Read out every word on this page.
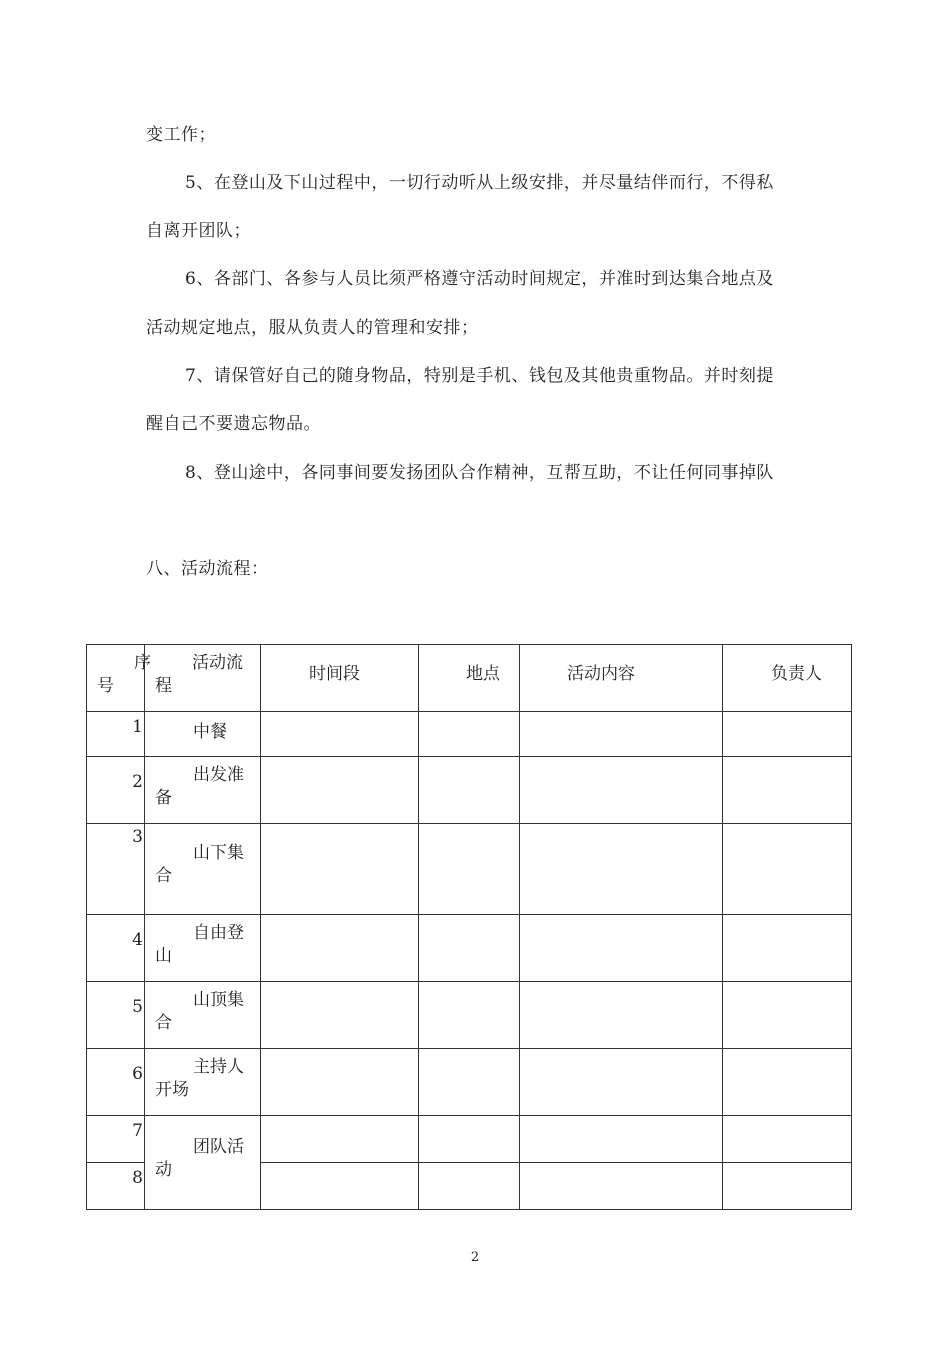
变工作；
5、在登山及下山过程中，一切行动听从上级安排，并尽量结伴而行，不得私
自离开团队；
6、各部门、各参与人员比须严格遵守活动时间规定，并准时到达集合地点及
活动规定地点，服从负责人的管理和安排；
7、请保管好自己的随身物品，特别是手机、钱包及其他贵重物品。并时刻提
醒自己不要遗忘物品。
8、登山途中，各同事间要发扬团队合作精神，互帮互助，不让任何同事掉队
八、活动流程：
序
号	活动流
程	时间段	地点	活动内容	负责人

1	中餐				

2	出发准
备				

3	山下集
合				

4	自由登
山				

5	山顶集
合				

6	主持人
开场				

7	团队活
动				

8					

2
